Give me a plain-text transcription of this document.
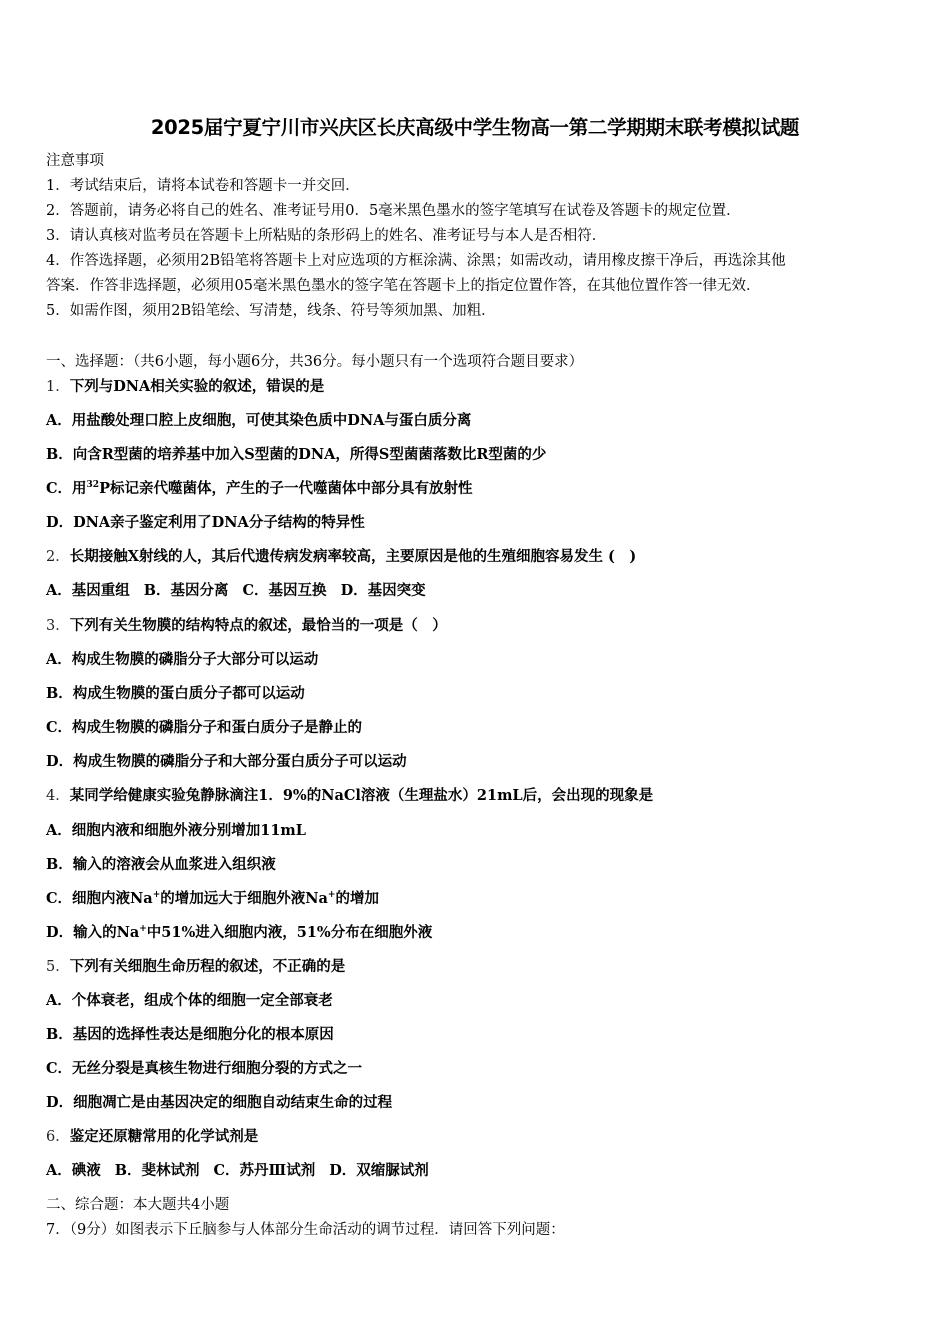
2025届宁夏宁川市兴庆区长庆高级中学生物高一第二学期期末联考模拟试题
注意事项
1．考试结束后，请将本试卷和答题卡一并交回．
2．答题前，请务必将自己的姓名、准考证号用0．5毫米黑色墨水的签字笔填写在试卷及答题卡的规定位置．
3．请认真核对监考员在答题卡上所粘贴的条形码上的姓名、准考证号与本人是否相符．
4．作答选择题，必须用2B铅笔将答题卡上对应选项的方框涂满、涂黑；如需改动，请用橡皮擦干净后，再选涂其他
答案．作答非选择题，必须用05毫米黑色墨水的签字笔在答题卡上的指定位置作答，在其他位置作答一律无效．
5．如需作图，须用2B铅笔绘、写清楚，线条、符号等须加黑、加粗．
一、选择题：（共6小题，每小题6分，共36分。每小题只有一个选项符合题目要求）
1．下列与DNA相关实验的叙述，错误的是
A．用盐酸处理口腔上皮细胞，可使其染色质中DNA与蛋白质分离
B．向含R型菌的培养基中加入S型菌的DNA，所得S型菌菌落数比R型菌的少
C．用$^{32}$P标记亲代噬菌体，产生的子一代噬菌体中部分具有放射性
D．DNA亲子鉴定利用了DNA分子结构的特异性
2．长期接触X射线的人，其后代遗传病发病率较高，主要原因是他的生殖细胞容易发生 (　)
A．基因重组 B．基因分离 C．基因互换 D．基因突变
3．下列有关生物膜的结构特点的叙述，最恰当的一项是（　）
A．构成生物膜的磷脂分子大部分可以运动
B．构成生物膜的蛋白质分子都可以运动
C．构成生物膜的磷脂分子和蛋白质分子是静止的
D．构成生物膜的磷脂分子和大部分蛋白质分子可以运动
4．某同学给健康实验兔静脉滴注1．9%的NaCl溶液（生理盐水）21mL后，会出现的现象是
A．细胞内液和细胞外液分别增加11mL
B．输入的溶液会从血浆进入组织液
C．细胞内液Na+的增加远大于细胞外液Na+的增加
D．输入的Na+中51%进入细胞内液，51%分布在细胞外液
5．下列有关细胞生命历程的叙述，不正确的是
A．个体衰老，组成个体的细胞一定全部衰老
B．基因的选择性表达是细胞分化的根本原因
C．无丝分裂是真核生物进行细胞分裂的方式之一
D．细胞凋亡是由基因决定的细胞自动结束生命的过程
6．鉴定还原糖常用的化学试剂是
A．碘液 B．斐林试剂 C．苏丹Ⅲ试剂 D．双缩脲试剂
二、综合题：本大题共4小题
7．（9分）如图表示下丘脑参与人体部分生命活动的调节过程．请回答下列问题：
